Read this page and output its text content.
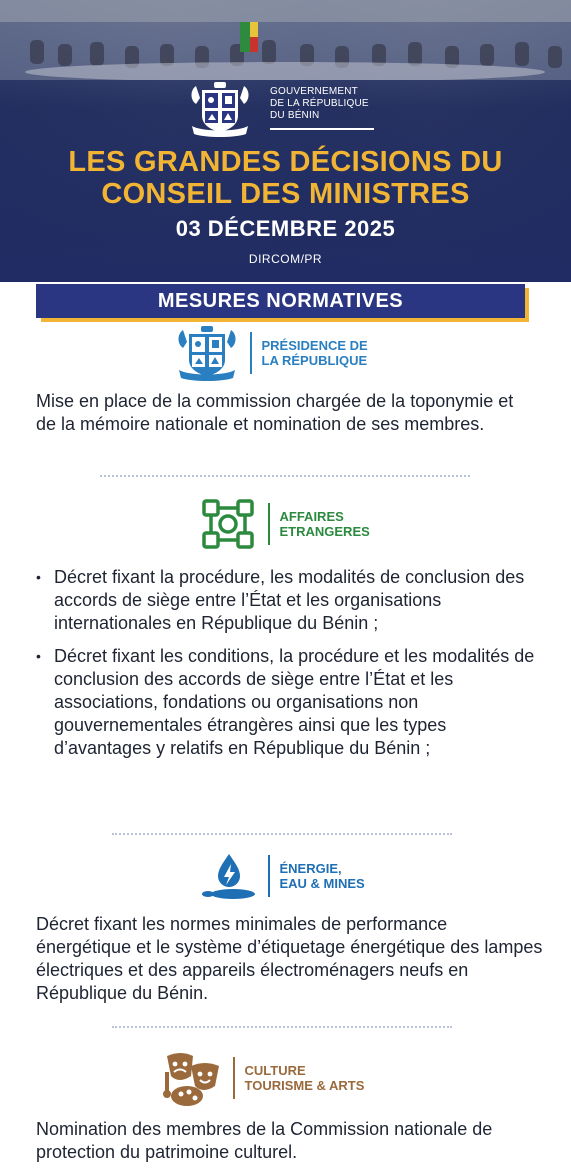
GOUVERNEMENT
DE LA RÉPUBLIQUE
DU BÉNIN
LES GRANDES DÉCISIONS DU
CONSEIL DES MINISTRES
03 DÉCEMBRE 2025
DIRCOM/PR
MESURES NORMATIVES
PRÉSIDENCE DE
LA RÉPUBLIQUE
Mise en place de la commission chargée de la toponymie et de la mémoire nationale et nomination de ses membres.
AFFAIRES
ETRANGERES
• Décret fixant la procédure, les modalités de conclusion des accords de siège entre l’État et les organisations internationales en République du Bénin ;
• Décret fixant les conditions, la procédure et les modalités de conclusion des accords de siège entre l’État et les associations, fondations ou organisations non gouvernementales étrangères ainsi que les types d’avantages y relatifs en République du Bénin ;
ÉNERGIE,
EAU & MINES
Décret fixant les normes minimales de performance énergétique et le système d’étiquetage énergétique des lampes électriques et des appareils électroménagers neufs en République du Bénin.
CULTURE
TOURISME & ARTS
Nomination des membres de la Commission nationale de protection du patrimoine culturel.
